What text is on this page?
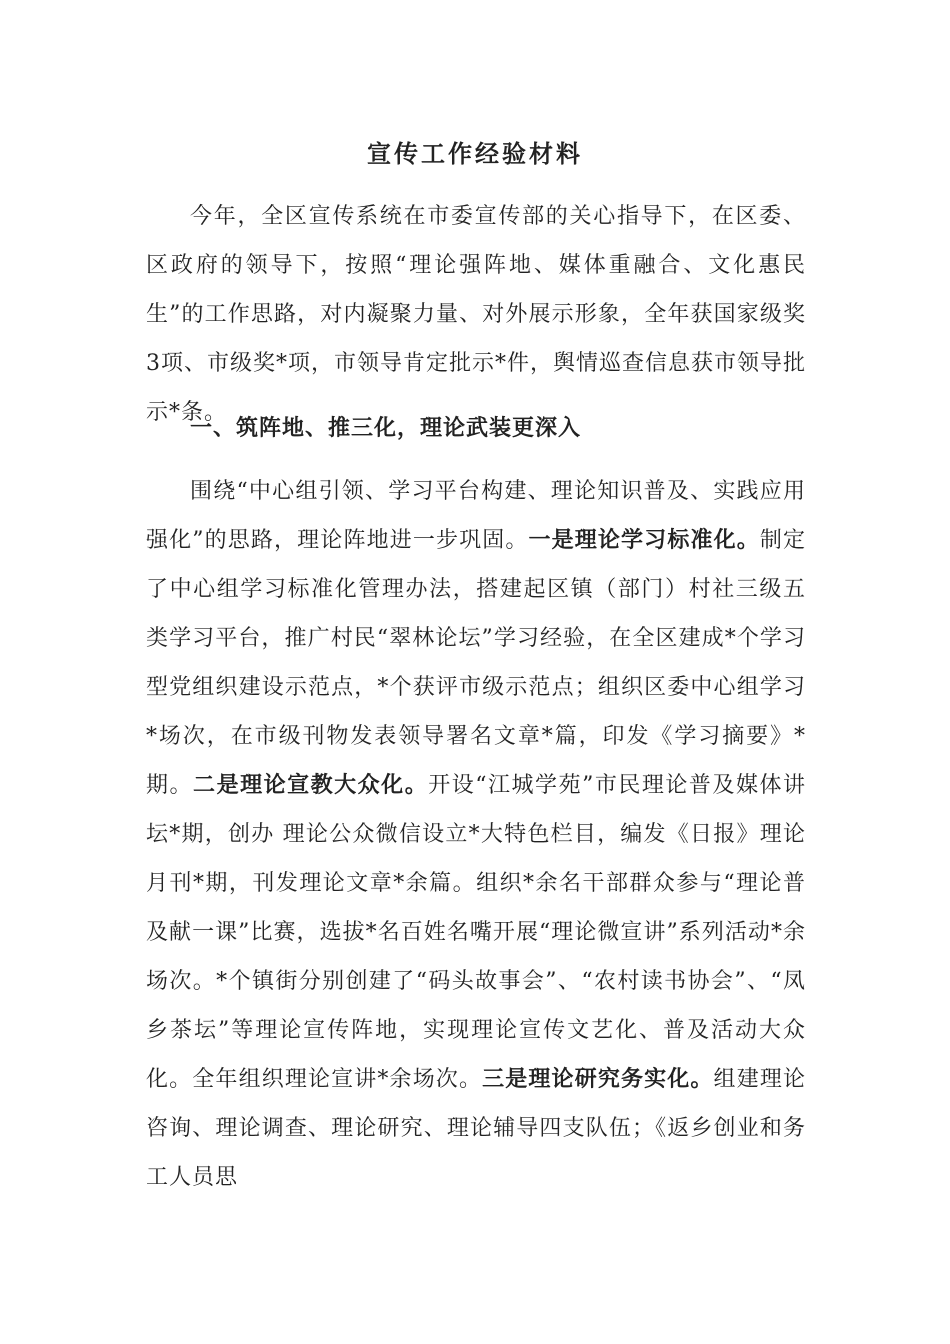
宣传工作经验材料

今年，全区宣传系统在市委宣传部的关心指导下，在区委、区政府的领导下，按照“理论强阵地、媒体重融合、文化惠民生”的工作思路，对内凝聚力量、对外展示形象，全年获国家级奖3项、市级奖*项，市领导肯定批示*件，舆情巡查信息获市领导批示*条。

一、筑阵地、推三化，理论武装更深入

围绕“中心组引领、学习平台构建、理论知识普及、实践应用强化”的思路，理论阵地进一步巩固。一是理论学习标准化。制定了中心组学习标准化管理办法，搭建起区镇（部门）村社三级五类学习平台，推广村民“翠林论坛”学习经验，在全区建成*个学习型党组织建设示范点，*个获评市级示范点；组织区委中心组学习*场次，在市级刊物发表领导署名文章*篇，印发《学习摘要》*期。二是理论宣教大众化。开设“江城学苑”市民理论普及媒体讲坛*期，创办 理论公众微信设立*大特色栏目，编发《日报》理论月刊*期，刊发理论文章*余篇。组织*余名干部群众参与“理论普及献一课”比赛，选拔*名百姓名嘴开展“理论微宣讲”系列活动*余场次。*个镇街分别创建了“码头故事会”、“农村读书协会”、“凤乡茶坛”等理论宣传阵地，实现理论宣传文艺化、普及活动大众化。全年组织理论宣讲*余场次。三是理论研究务实化。组建理论咨询、理论调查、理论研究、理论辅导四支队伍；《返乡创业和务工人员思
